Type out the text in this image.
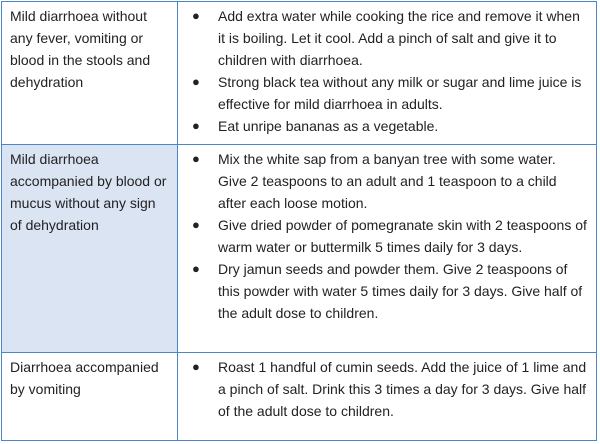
Mild diarrhoea without any fever, vomiting or blood in the stools and dehydration
● Add extra water while cooking the rice and remove it when it is boiling. Let it cool. Add a pinch of salt and give it to children with diarrhoea.
● Strong black tea without any milk or sugar and lime juice is effective for mild diarrhoea in adults.
● Eat unripe bananas as a vegetable.
Mild diarrhoea accompanied by blood or mucus without any sign of dehydration
● Mix the white sap from a banyan tree with some water. Give 2 teaspoons to an adult and 1 teaspoon to a child after each loose motion.
● Give dried powder of pomegranate skin with 2 teaspoons of warm water or buttermilk 5 times daily for 3 days.
● Dry jamun seeds and powder them. Give 2 teaspoons of this powder with water 5 times daily for 3 days. Give half of the adult dose to children.
Diarrhoea accompanied by vomiting
● Roast 1 handful of cumin seeds. Add the juice of 1 lime and a pinch of salt. Drink this 3 times a day for 3 days. Give half of the adult dose to children.
